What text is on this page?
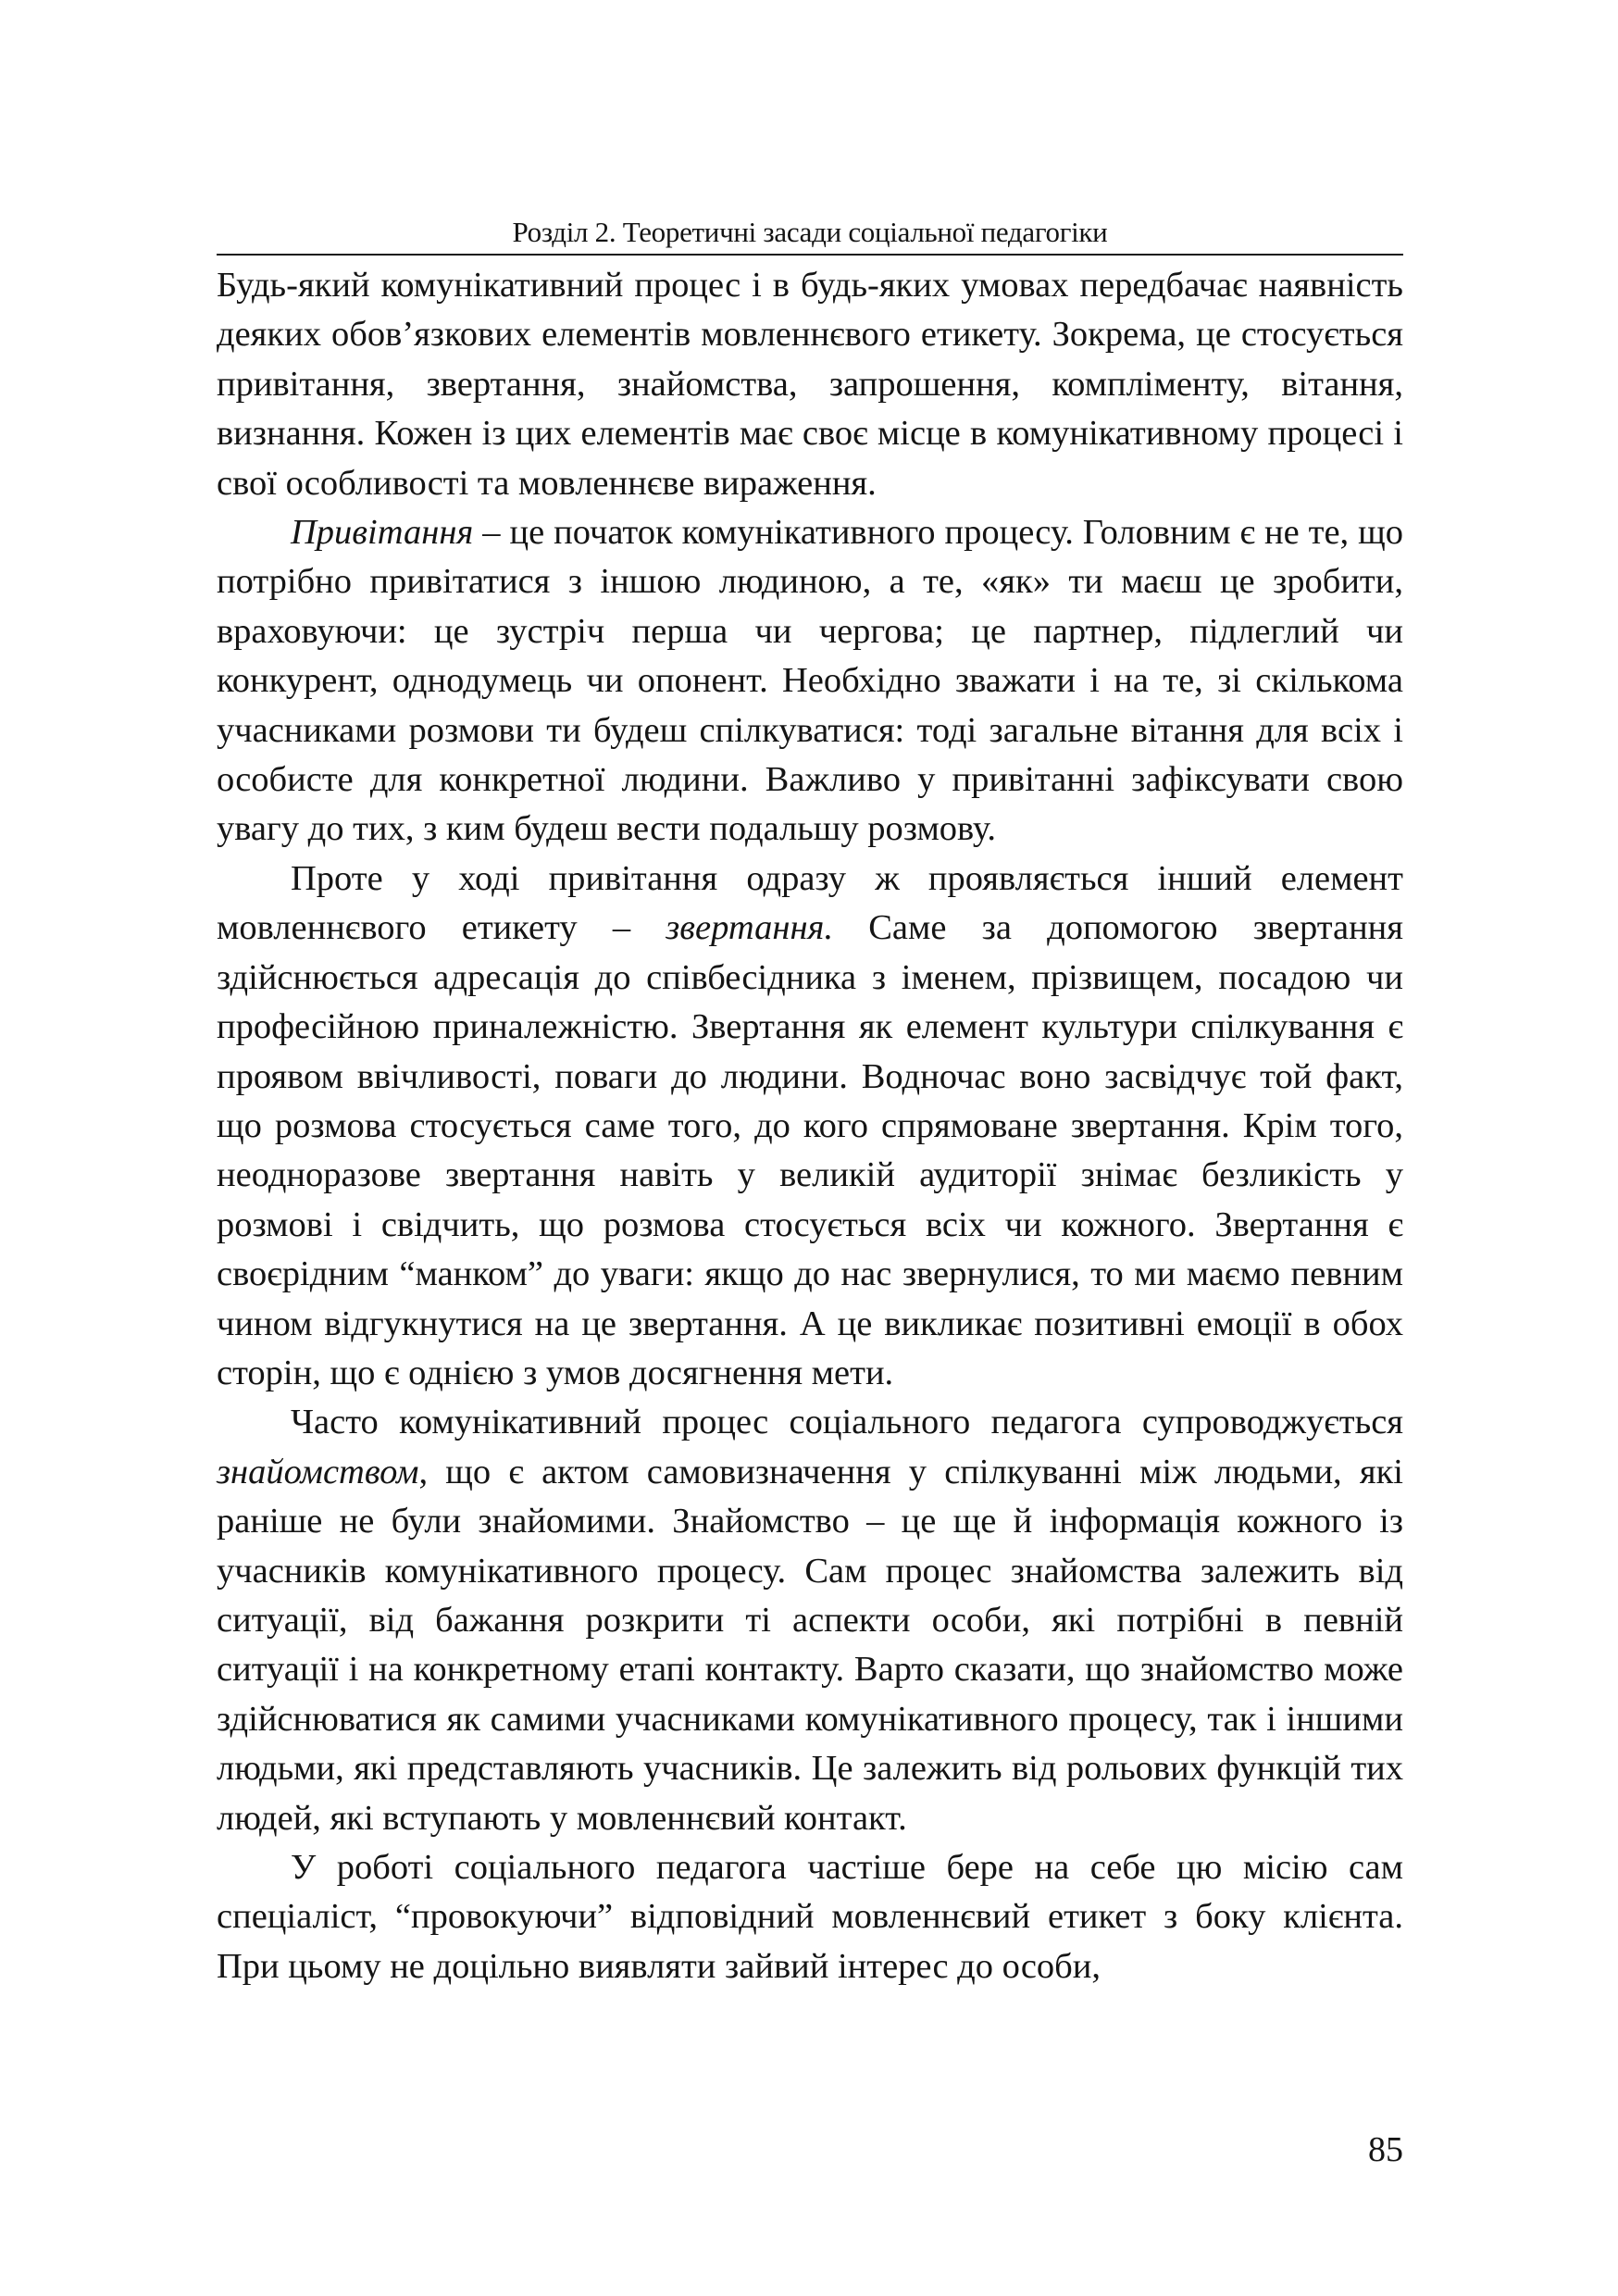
Розділ 2. Теоретичні засади соціальної педагогіки

Будь-який комунікативний процес і в будь-яких умовах передбачає наявність деяких обов’язкових елементів мовленнєвого етикету. Зокрема, це стосується привітання, звертання, знайомства, запрошення, компліменту, вітання, визнання. Кожен із цих елементів має своє місце в комунікативному процесі і свої особливості та мовленнєве вираження.

Привітання – це початок комунікативного процесу. Головним є не те, що потрібно привітатися з іншою людиною, а те, «як» ти маєш це зробити, враховуючи: це зустріч перша чи чергова; це партнер, підлеглий чи конкурент, однодумець чи опонент. Необхідно зважати і на те, зі скількома учасниками розмови ти будеш спілкуватися: тоді загальне вітання для всіх і особисте для конкретної людини. Важливо у привітанні зафіксувати свою увагу до тих, з ким будеш вести подальшу розмову.

Проте у ході привітання одразу ж проявляється інший елемент мовленнєвого етикету – звертання. Саме за допомогою звертання здійснюється адресація до співбесідника з іменем, прізвищем, посадою чи професійною приналежністю. Звертання як елемент культури спілкування є проявом ввічливості, поваги до людини. Водночас воно засвідчує той факт, що розмова стосується саме того, до кого спрямоване звертання. Крім того, неодноразове звертання навіть у великій аудиторії знімає безликість у розмові і свідчить, що розмова стосується всіх чи кожного. Звертання є своєрідним “манком” до уваги: якщо до нас звернулися, то ми маємо певним чином відгукнутися на це звертання. А це викликає позитивні емоції в обох сторін, що є однією з умов досягнення мети.

Часто комунікативний процес соціального педагога супроводжується знайомством, що є актом самовизначення у спілкуванні між людьми, які раніше не були знайомими. Знайомство – це ще й інформація кожного із учасників комунікативного процесу. Сам процес знайомства залежить від ситуації, від бажання розкрити ті аспекти особи, які потрібні в певній ситуації і на конкретному етапі контакту. Варто сказати, що знайомство може здійснюватися як самими учасниками комунікативного процесу, так і іншими людьми, які представляють учасників. Це залежить від рольових функцій тих людей, які вступають у мовленнєвий контакт.

У роботі соціального педагога частіше бере на себе цю місію сам спеціаліст, “провокуючи” відповідний мовленнєвий етикет з боку клієнта. При цьому не доцільно виявляти зайвий інтерес до особи,

85
